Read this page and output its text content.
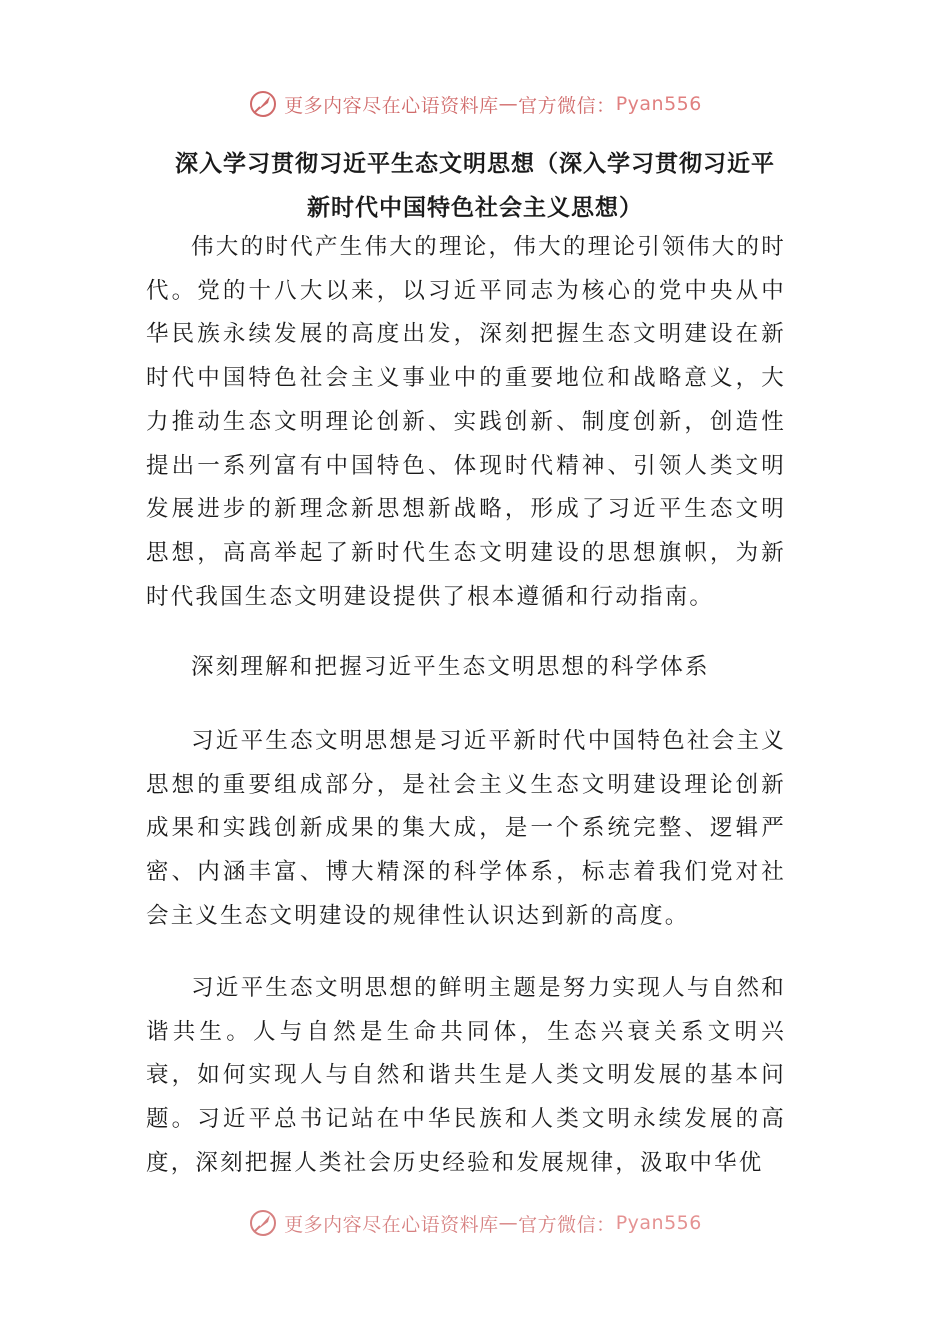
更多内容尽在心语资料库 — 官方微信： Pyan556
深入学习贯彻习近平生态文明思想（深入学习贯彻习近平
新时代中国特色社会主义思想）

伟大的时代产生伟大的理论，伟大的理论引领伟大的时代。党的十八大以来，以习近平同志为核心的党中央从中华民族永续发展的高度出发，深刻把握生态文明建设在新时代中国特色社会主义事业中的重要地位和战略意义，大力推动生态文明理论创新、实践创新、制度创新，创造性提出一系列富有中国特色、体现时代精神、引领人类文明发展进步的新理念新思想新战略，形成了习近平生态文明思想，高高举起了新时代生态文明建设的思想旗帜，为新时代我国生态文明建设提供了根本遵循和行动指南。

深刻理解和把握习近平生态文明思想的科学体系

习近平生态文明思想是习近平新时代中国特色社会主义思想的重要组成部分，是社会主义生态文明建设理论创新成果和实践创新成果的集大成，是一个系统完整、逻辑严密、内涵丰富、博大精深的科学体系，标志着我们党对社会主义生态文明建设的规律性认识达到新的高度。

习近平生态文明思想的鲜明主题是努力实现人与自然和谐共生。人与自然是生命共同体，生态兴衰关系文明兴衰，如何实现人与自然和谐共生是人类文明发展的基本问题。习近平总书记站在中华民族和人类文明永续发展的高度，深刻把握人类社会历史经验和发展规律，汲取中华优

更多内容尽在心语资料库 — 官方微信： Pyan556
